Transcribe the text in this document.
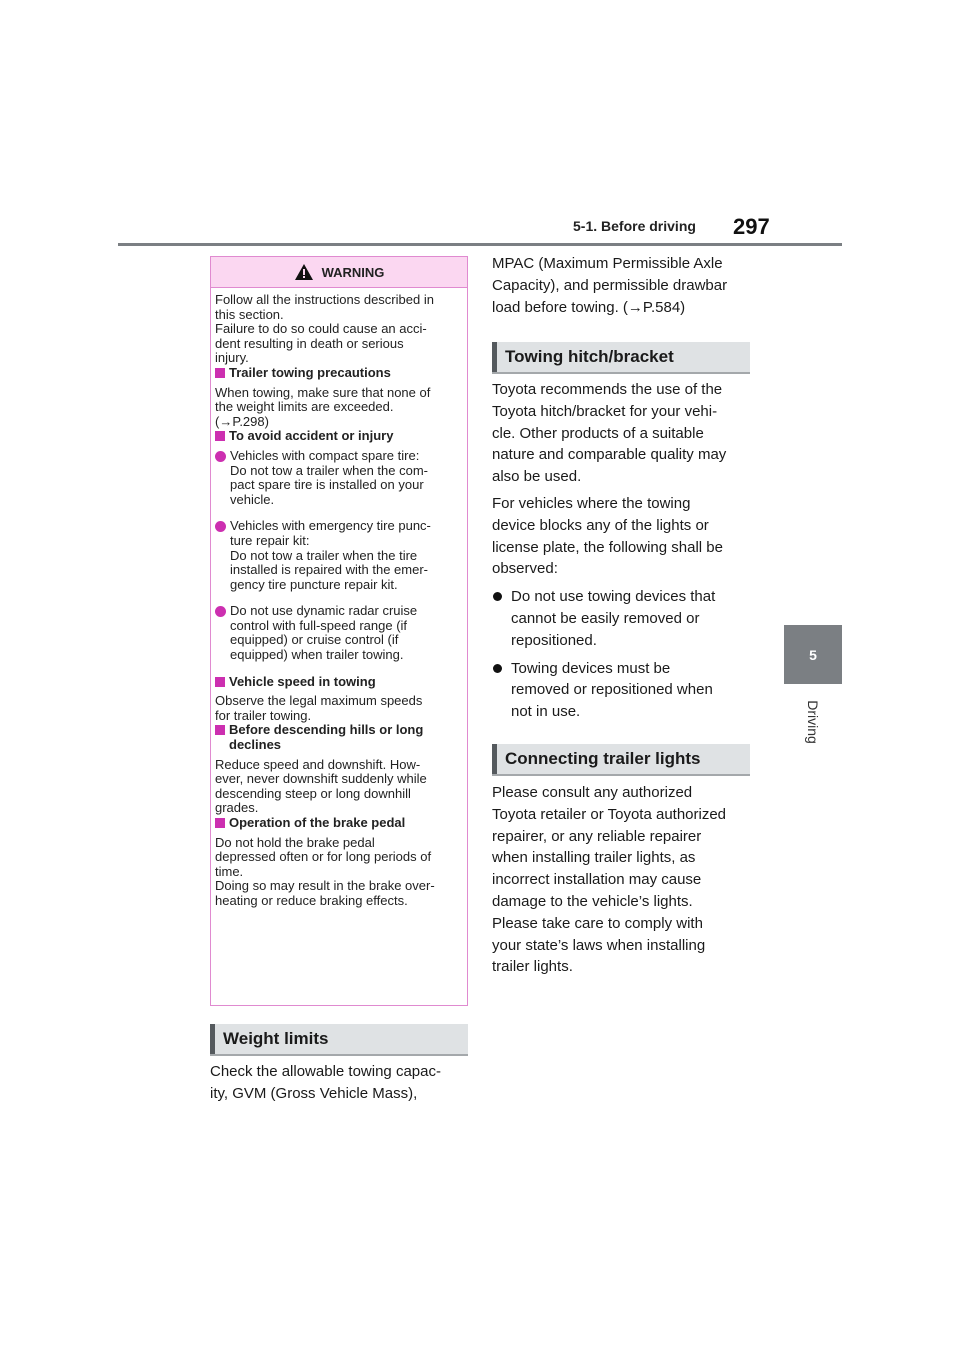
5-1. Before driving 297
5
Driving
WARNING

Follow all the instructions described in
this section.
Failure to do so could cause an acci-
dent resulting in death or serious
injury.

Trailer towing precautions

When towing, make sure that none of
the weight limits are exceeded.
(→P.298)

To avoid accident or injury
Vehicles with compact spare tire:
Do not tow a trailer when the com-
pact spare tire is installed on your
vehicle.
Vehicles with emergency tire punc-
ture repair kit:
Do not tow a trailer when the tire
installed is repaired with the emer-
gency tire puncture repair kit.
Do not use dynamic radar cruise
control with full-speed range (if
equipped) or cruise control (if
equipped) when trailer towing.
Vehicle speed in towing

Observe the legal maximum speeds
for trailer towing.

Before descending hills or long
declines

Reduce speed and downshift. How-
ever, never downshift suddenly while
descending steep or long downhill
grades.

Operation of the brake pedal

Do not hold the brake pedal
depressed often or for long periods of
time.
Doing so may result in the brake over-
heating or reduce braking effects.

Weight limits

Check the allowable towing capac-
ity, GVM (Gross Vehicle Mass),

MPAC (Maximum Permissible Axle
Capacity), and permissible drawbar
load before towing. (→P.584)

Towing hitch/bracket

Toyota recommends the use of the
Toyota hitch/bracket for your vehi-
cle. Other products of a suitable
nature and comparable quality may
also be used.

For vehicles where the towing
device blocks any of the lights or
license plate, the following shall be
observed:

Do not use towing devices that
cannot be easily removed or
repositioned.
Towing devices must be
removed or repositioned when
not in use.
Connecting trailer lights

Please consult any authorized
Toyota retailer or Toyota authorized
repairer, or any reliable repairer
when installing trailer lights, as
incorrect installation may cause
damage to the vehicle’s lights.
Please take care to comply with
your state’s laws when installing
trailer lights.
